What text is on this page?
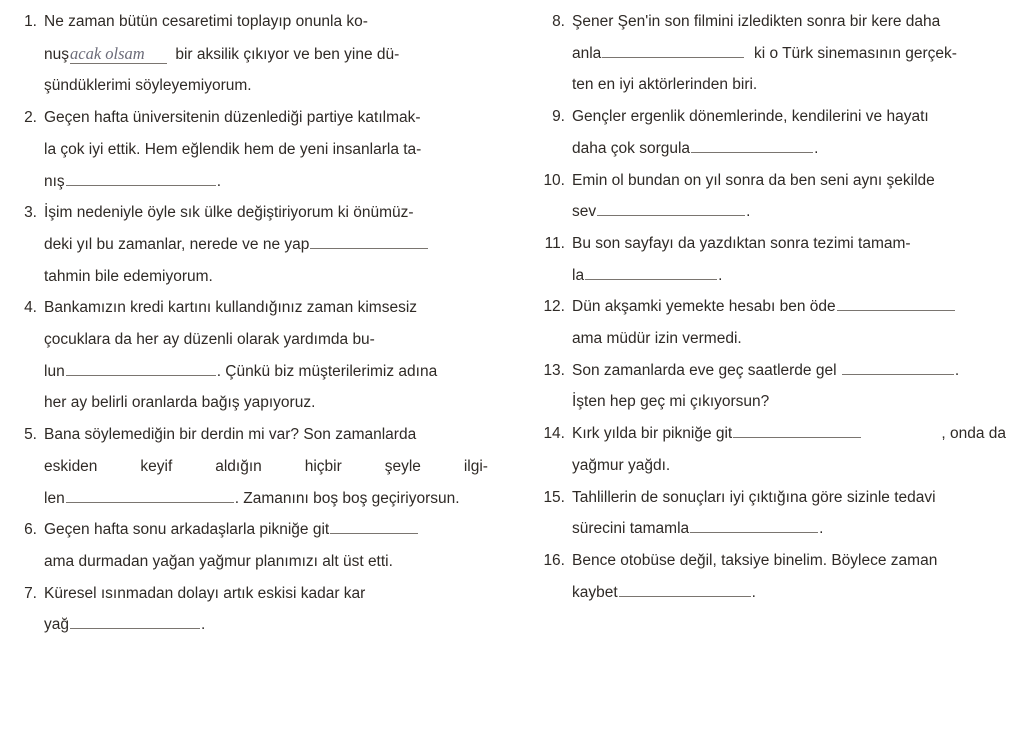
1. Ne zaman bütün cesaretimi toplayıp onunla ko-
nuşacak olsam bir aksilik çıkıyor ve ben yine dü-
şündüklerimi söyleyemiyorum.
2. Geçen hafta üniversitenin düzenlediği partiye katılmak-
la çok iyi ettik. Hem eğlendik hem de yeni insanlarla ta-
nış	.
3. İşim nedeniyle öyle sık ülke değiştiriyorum ki önümüz-
deki yıl bu zamanlar, nerede ve ne yap
tahmin bile edemiyorum.
4. Bankamızın kredi kartını kullandığınız zaman kimsesiz
çocuklara da her ay düzenli olarak yardımda bu-
lun	. Çünkü biz müşterilerimiz adına
her ay belirli oranlarda bağış yapıyoruz.
5. Bana söylemediğin bir derdin mi var? Son zamanlarda
eskiden	keyif	aldığın	hiçbir	şeyle	ilgi-
len	. Zamanını boş boş geçiriyorsun.
6. Geçen hafta sonu arkadaşlarla pikniğe git
ama durmadan yağan yağmur planımızı alt üst etti.
7. Küresel ısınmadan dolayı artık eskisi kadar kar
yağ	.
8. Şener Şen'in son filmini izledikten sonra bir kere daha
anla	ki o Türk sinemasının gerçek-
ten en iyi aktörlerinden biri.
9. Gençler ergenlik dönemlerinde, kendilerini ve hayatı
daha çok sorgula	.
10. Emin ol bundan on yıl sonra da ben seni aynı şekilde
sev	.
11. Bu son sayfayı da yazdıktan sonra tezimi tamam-
la	.
12. Dün akşamki yemekte hesabı ben öde
ama müdür izin vermedi.
13. Son zamanlarda eve geç saatlerde gel	.
İşten hep geç mi çıkıyorsun?
14. Kırk yılda bir pikniğe git	, onda da
yağmur yağdı.
15. Tahlillerin de sonuçları iyi çıktığına göre sizinle tedavi
sürecini tamamla	.
16. Bence otobüse değil, taksiye binelim. Böylece zaman
kaybet	.
